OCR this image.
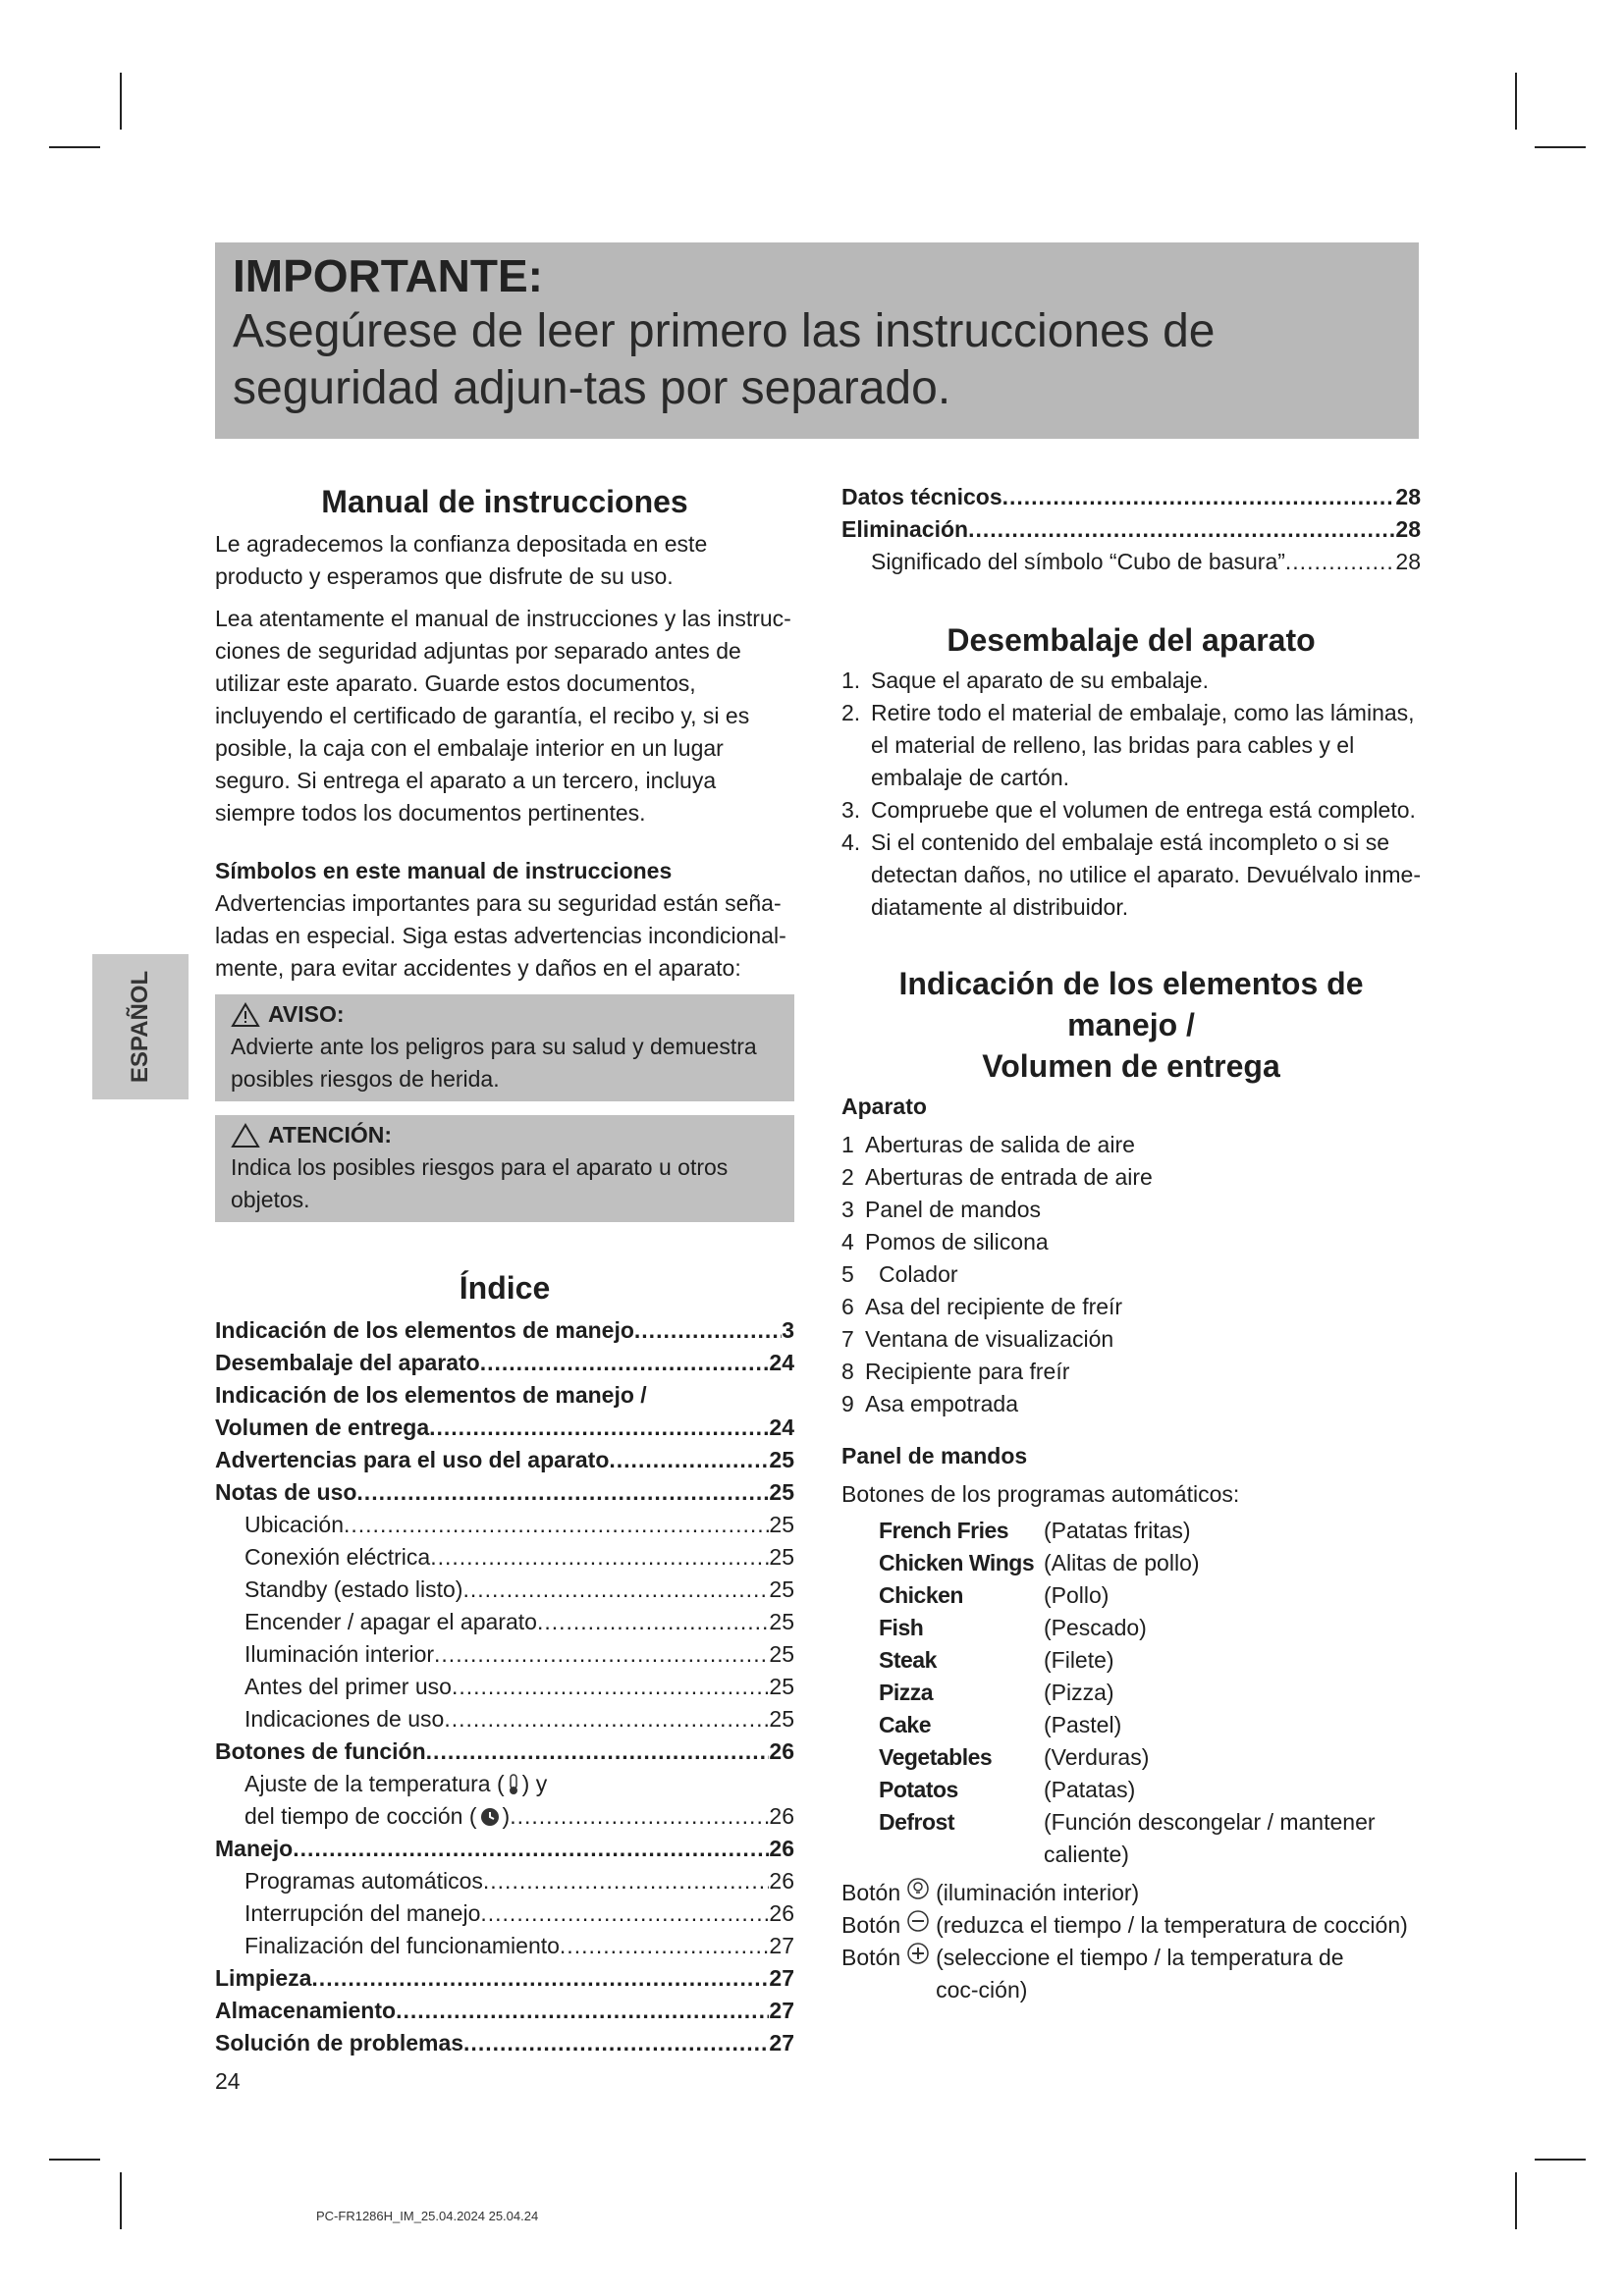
IMPORTANTE:
Asegúrese de leer primero las instrucciones de seguridad adjun-tas por separado.
ESPAÑOL
Manual de instrucciones

Le agradecemos la confianza depositada en este producto y esperamos que disfrute de su uso.

Lea atentamente el manual de instrucciones y las instruc-ciones de seguridad adjuntas por separado antes de utilizar este aparato. Guarde estos documentos, incluyendo el certificado de garantía, el recibo y, si es posible, la caja con el embalaje interior en un lugar seguro. Si entrega el aparato a un tercero, incluya siempre todos los documentos pertinentes.

Símbolos en este manual de instrucciones

Advertencias importantes para su seguridad están seña-ladas en especial. Siga estas advertencias incondicional-mente, para evitar accidentes y daños en el aparato:

AVISO:
Advierte ante los peligros para su salud y demuestra posibles riesgos de herida.
ATENCIÓN:
Indica los posibles riesgos para el aparato u otros objetos.
Índice
Indicación de los elementos de manejo .....	3
Desembalaje del aparato .....	24
Indicación de los elementos de manejo /
Volumen de entrega .....	24
Advertencias para el uso del aparato .....	25
Notas de uso .....	25
Ubicación .....	25
Conexión eléctrica .....	25
Standby (estado listo) .....	25
Encender / apagar el aparato .....	25
Iluminación interior .....	25
Antes del primer uso .....	25
Indicaciones de uso .....	25
Botones de función .....	26
Ajuste de la temperatura ( ) y
del tiempo de cocción ( ) .....	26
Manejo .....	26
Programas automáticos .....	26
Interrupción del manejo .....	26
Finalización del funcionamiento .....	27
Limpieza .....	27
Almacenamiento .....	27
Solución de problemas .....	27
24
Datos técnicos .....	28
Eliminación .....	28
Significado del símbolo “Cubo de basura” .....	28
Desembalaje del aparato
1. Saque el aparato de su embalaje.
2. Retire todo el material de embalaje, como las láminas, el material de relleno, las bridas para cables y el embalaje de cartón.
3. Compruebe que el volumen de entrega está completo.
4. Si el contenido del embalaje está incompleto o si se detectan daños, no utilice el aparato. Devuélvalo inme-diatamente al distribuidor.
Indicación de los elementos de manejo /
Volumen de entrega
Aparato
1 Aberturas de salida de aire
2 Aberturas de entrada de aire
3 Panel de mandos
4 Pomos de silicona
5	Colador
6 Asa del recipiente de freír
7 Ventana de visualización
8 Recipiente para freír
9 Asa empotrada
Panel de mandos

Botones de los programas automáticos:

French Fries	(Patatas fritas)
Chicken Wings (Alitas de pollo)
Chicken	(Pollo)
Fish	(Pescado)
Steak	(Filete)
Pizza	(Pizza)
Cake	(Pastel)
Vegetables	(Verduras)
Potatos	(Patatas)
Defrost	(Función descongelar / mantener caliente)
Botón (iluminación interior)
Botón (reduzca el tiempo / la temperatura de cocción)
Botón (seleccione el tiempo / la temperatura de coc-ción)
PC-FR1286H_IM_25.04.2024 25.04.24
